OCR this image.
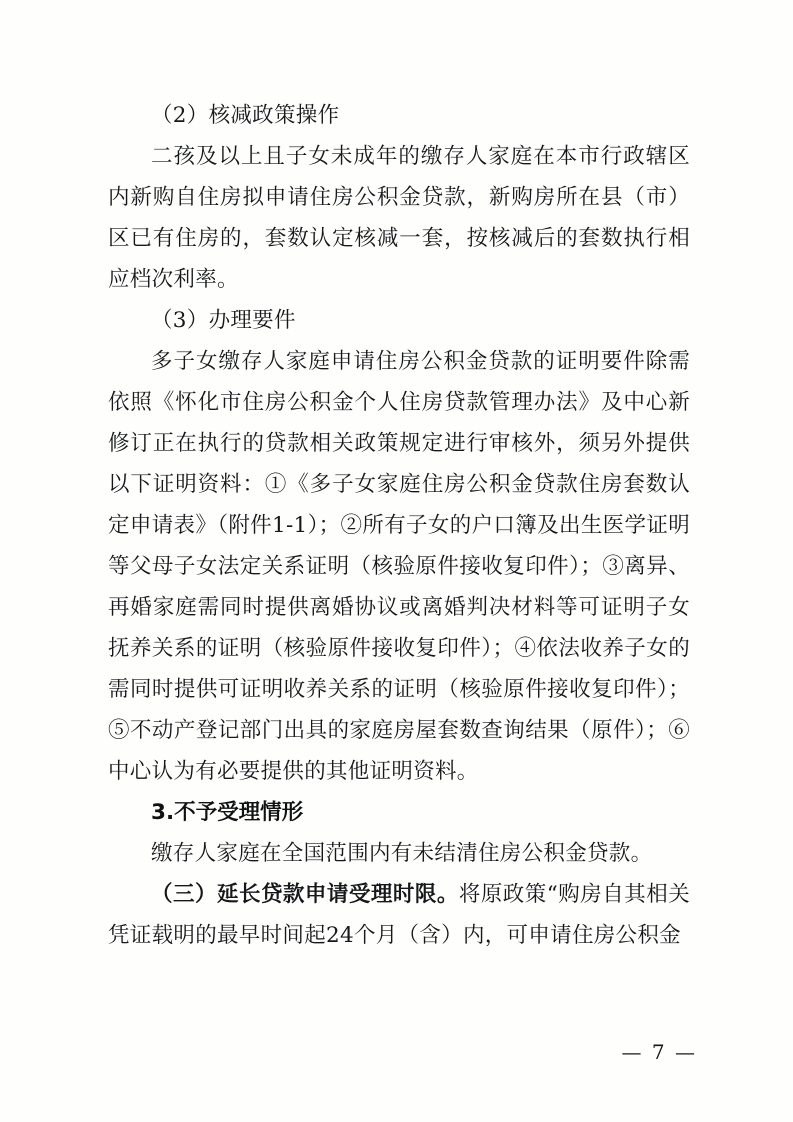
（2）核减政策操作

二孩及以上且子女未成年的缴存人家庭在本市行政辖区内新购自住房拟申请住房公积金贷款，新购房所在县（市）区已有住房的，套数认定核减一套，按核减后的套数执行相应档次利率。

（3）办理要件

多子女缴存人家庭申请住房公积金贷款的证明要件除需依照《怀化市住房公积金个人住房贷款管理办法》及中心新修订正在执行的贷款相关政策规定进行审核外，须另外提供以下证明资料：①《多子女家庭住房公积金贷款住房套数认定申请表》（附件1-1）；②所有子女的户口簿及出生医学证明等父母子女法定关系证明（核验原件接收复印件）；③离异、再婚家庭需同时提供离婚协议或离婚判决材料等可证明子女抚养关系的证明（核验原件接收复印件）；④依法收养子女的需同时提供可证明收养关系的证明（核验原件接收复印件）；⑤不动产登记部门出具的家庭房屋套数查询结果（原件）；⑥中心认为有必要提供的其他证明资料。

3.不予受理情形

缴存人家庭在全国范围内有未结清住房公积金贷款。

（三）延长贷款申请受理时限。将原政策“购房自其相关凭证载明的最早时间起24个月（含）内，可申请住房公积金

— 7 —
